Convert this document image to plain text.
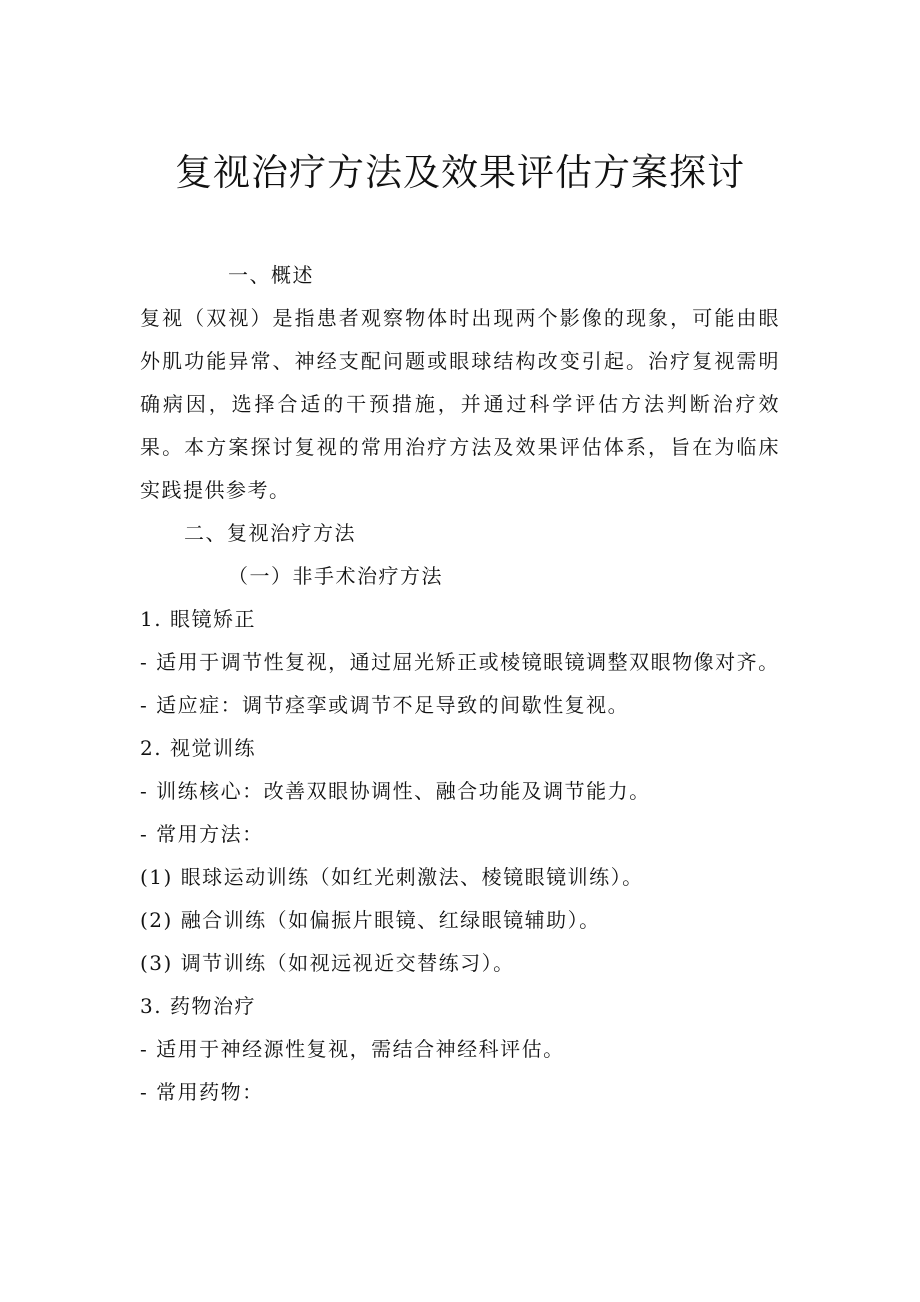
复视治疗方法及效果评估方案探讨

一、概述

复视（双视）是指患者观察物体时出现两个影像的现象，可能由眼外肌功能异常、神经支配问题或眼球结构改变引起。治疗复视需明确病因，选择合适的干预措施，并通过科学评估方法判断治疗效果。本方案探讨复视的常用治疗方法及效果评估体系，旨在为临床实践提供参考。

二、复视治疗方法

（一）非手术治疗方法

1. 眼镜矫正

- 适用于调节性复视，通过屈光矫正或棱镜眼镜调整双眼物像对齐。

- 适应症：调节痉挛或调节不足导致的间歇性复视。

2. 视觉训练

- 训练核心：改善双眼协调性、融合功能及调节能力。

- 常用方法：

(1) 眼球运动训练（如红光刺激法、棱镜眼镜训练）。

(2) 融合训练（如偏振片眼镜、红绿眼镜辅助）。

(3) 调节训练（如视远视近交替练习）。

3. 药物治疗

- 适用于神经源性复视，需结合神经科评估。

- 常用药物：
